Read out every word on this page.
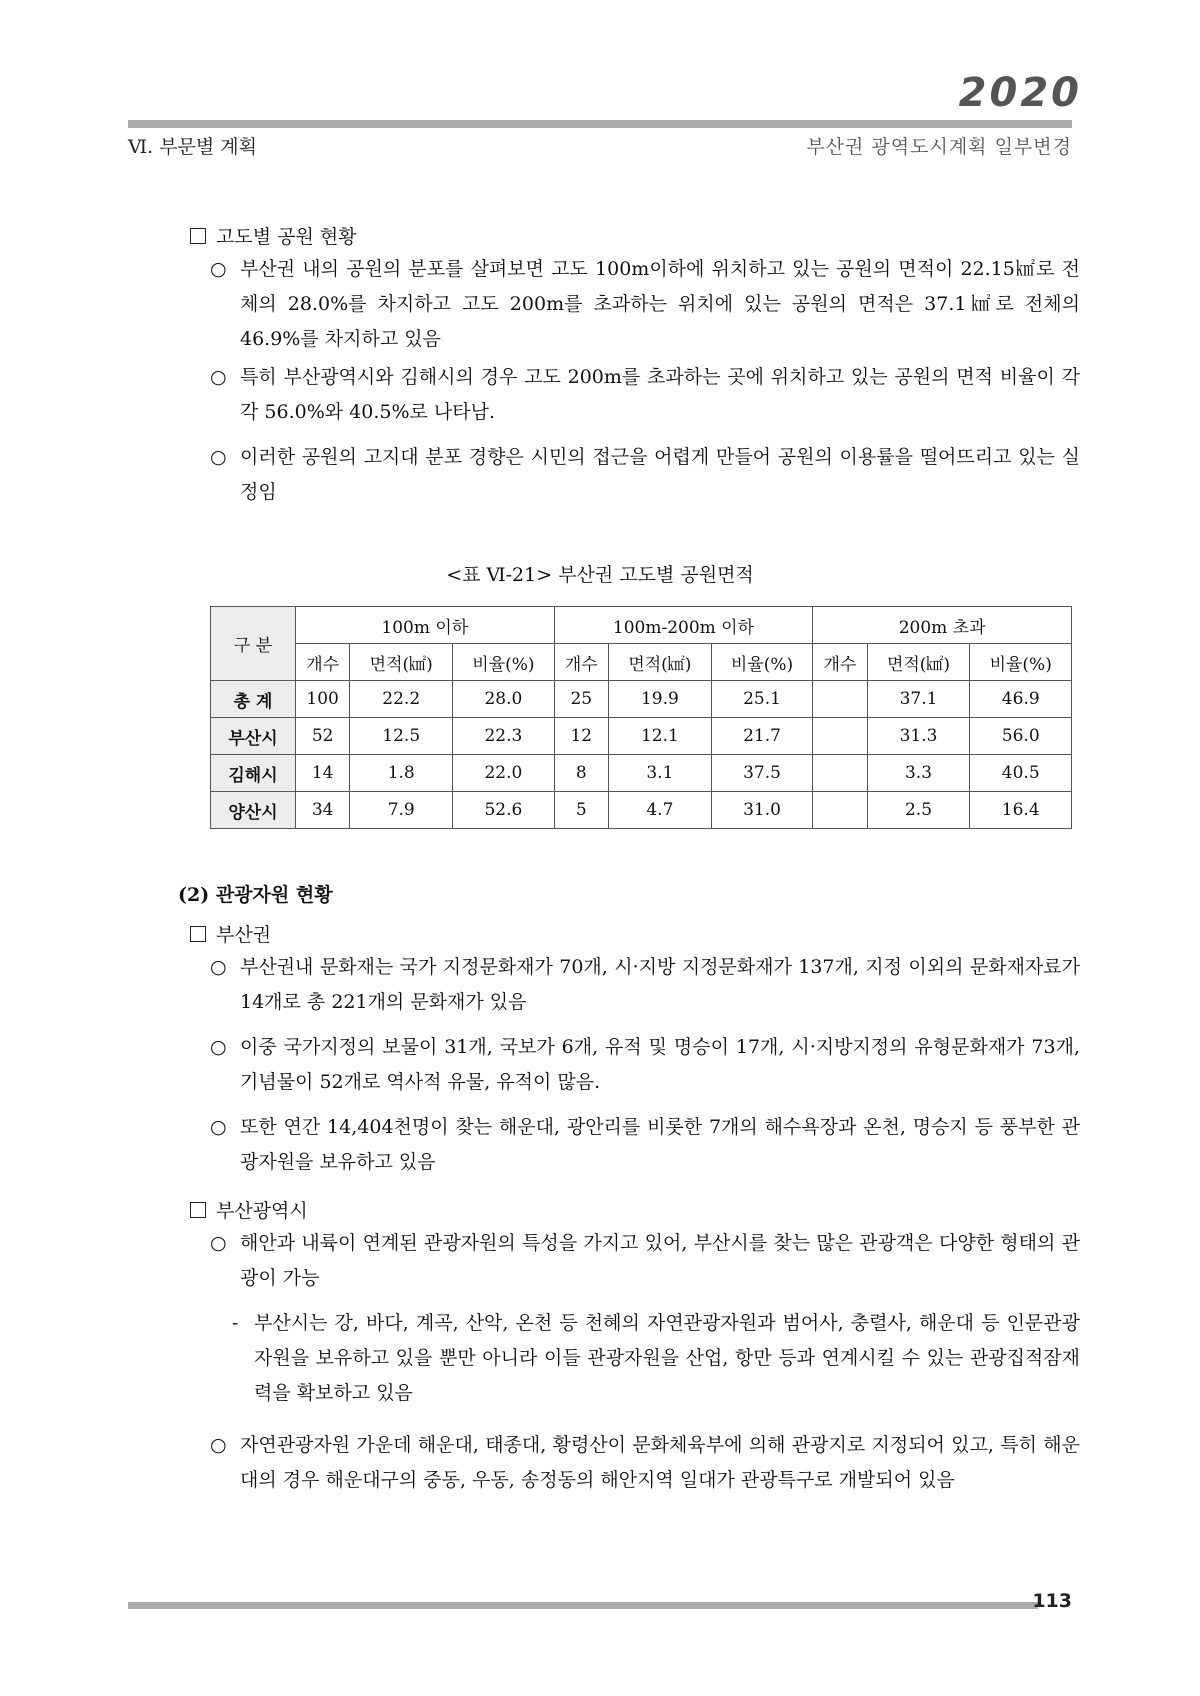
2020
Ⅵ. 부문별 계획	부산권 광역도시계획 일부변경
고도별 공원 현황
○ 부산권 내의 공원의 분포를 살펴보면 고도 100m이하에 위치하고 있는 공원의 면적이 22.15㎢로 전체의 28.0%를 차지하고 고도 200m를 초과하는 위치에 있는 공원의 면적은 37.1㎢로 전체의 46.9%를 차지하고 있음
○ 특히 부산광역시와 김해시의 경우 고도 200m를 초과하는 곳에 위치하고 있는 공원의 면적 비율이 각각 56.0%와 40.5%로 나타남.
○ 이러한 공원의 고지대 분포 경향은 시민의 접근을 어렵게 만들어 공원의 이용률을 떨어뜨리고 있는 실정임
<표 Ⅵ-21> 부산권 고도별 공원면적
구 분	100m 이하			100m-200m 이하			200m 초과		
	개수	면적(㎢)	비율(%)	개수	면적(㎢)	비율(%)	개수	면적(㎢)	비율(%)
총 계	100	22.2	28.0	25	19.9	25.1		37.1	46.9
부산시	52	12.5	22.3	12	12.1	21.7		31.3	56.0
김해시	14	1.8	22.0	8	3.1	37.5		3.3	40.5
양산시	34	7.9	52.6	5	4.7	31.0		2.5	16.4
(2) 관광자원 현황
부산권
○ 부산권내 문화재는 국가 지정문화재가 70개, 시·지방 지정문화재가 137개, 지정 이외의 문화재자료가 14개로 총 221개의 문화재가 있음
○ 이중 국가지정의 보물이 31개, 국보가 6개, 유적 및 명승이 17개, 시·지방지정의 유형문화재가 73개, 기념물이 52개로 역사적 유물, 유적이 많음.
○ 또한 연간 14,404천명이 찾는 해운대, 광안리를 비롯한 7개의 해수욕장과 온천, 명승지 등 풍부한 관광자원을 보유하고 있음
부산광역시
○ 해안과 내륙이 연계된 관광자원의 특성을 가지고 있어, 부산시를 찾는 많은 관광객은 다양한 형태의 관광이 가능
- 부산시는 강, 바다, 계곡, 산악, 온천 등 천혜의 자연관광자원과 범어사, 충렬사, 해운대 등 인문관광자원을 보유하고 있을 뿐만 아니라 이들 관광자원을 산업, 항만 등과 연계시킬 수 있는 관광집적잠재력을 확보하고 있음
○ 자연관광자원 가운데 해운대, 태종대, 황령산이 문화체육부에 의해 관광지로 지정되어 있고, 특히 해운대의 경우 해운대구의 중동, 우동, 송정동의 해안지역 일대가 관광특구로 개발되어 있음
113
